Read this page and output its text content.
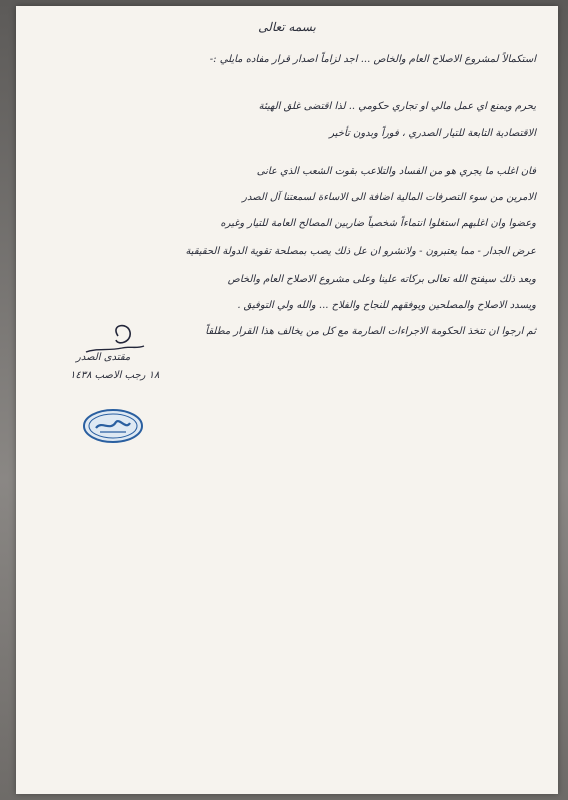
بسمه تعالى
استكمالاً لمشروع الاصلاح العام والخاص ... اجد لزاماً اصدار قرار مفاده مايلي :-
يحرم ويمنع اي عمل مالي او تجاري حكومي .. لذا اقتضى غلق الهيئة
الاقتصادية التابعة للتيار الصدري ، فوراً وبدون تأخير
فان اغلب ما يجري هو من الفساد والتلاعب بقوت الشعب الذي عانى
الامرين من سوء التصرفات المالية اضافة الى الاساءة لسمعتنا آل الصدر
وعضوا وان اغلبهم استغلوا انتماءاً شخصياً ضاربين المصالح العامة للتيار وغيره
عرض الجدار - مما يعتبرون - ولانشرو ان عل ذلك يصب بمصلحة تقوية الدولة الحقيقية
وبعد ذلك سيفتح الله تعالى بركاته علينا وعلى مشروع الاصلاح العام والخاص
ويسدد الاصلاح والمصلحين ويوفقهم للنجاح والفلاح ... والله ولي التوفيق .
ثم ارجوا ان تتخذ الحكومة الاجراءات الصارمة مع كل من يخالف هذا القرار مطلقاً
مقتدى الصدر
١٨ رجب الاصب ١٤٣٨
